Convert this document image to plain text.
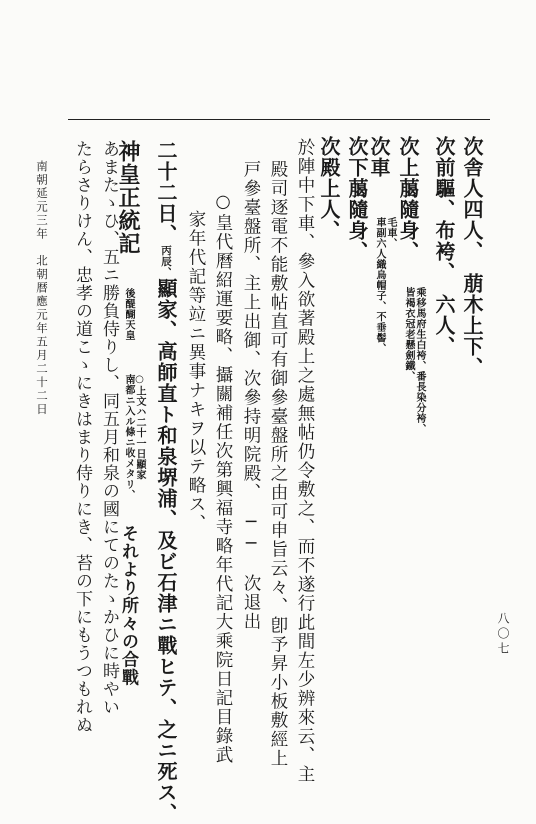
次舎人四人、　萠木上下、
次前驅、布袴、　六人、
次上﨟隨身、 乘移馬府生白袴、番長染分袴、
皆褐衣冠老懸劍鐵、
次車 毛車、
車副六人織烏帽子、不垂髻、
次下﨟隨身、
次殿上人、
於陣中下車、參入欲著殿上之處無帖仍令敷之、而不遂行此間左少辨來云、主
殿司逐電不能敷帖直可有御參臺盤所之由可申旨云々、卽予昇小板敷經上
戸參臺盤所、主上出御、次參持明院殿、　──　次退出
○皇代曆紹運要略、攝關補任次第興福寺略年代記大乘院日記目錄武
家年代記等竝ニ異事ナキヲ以テ略ス、
二十二日、丙辰、顯家、高師直ト和泉堺浦、及ビ石津ニ戰ヒテ、之ニ死ス、
神皇正統記 後醍醐天皇 ○上文ハ二十一日顯家
南都ニ入ル條ニ收メタリ、 それより所々の合戰
あまたゝひ、五ニ勝負侍りし、同五月和泉の國にてのたゝかひに時やい
たらさりけん、忠孝の道こゝにきはまり侍りにき、苔の下にもうつもれぬ
南朝延元三年　北朝暦應元年五月二十二日
八〇七
